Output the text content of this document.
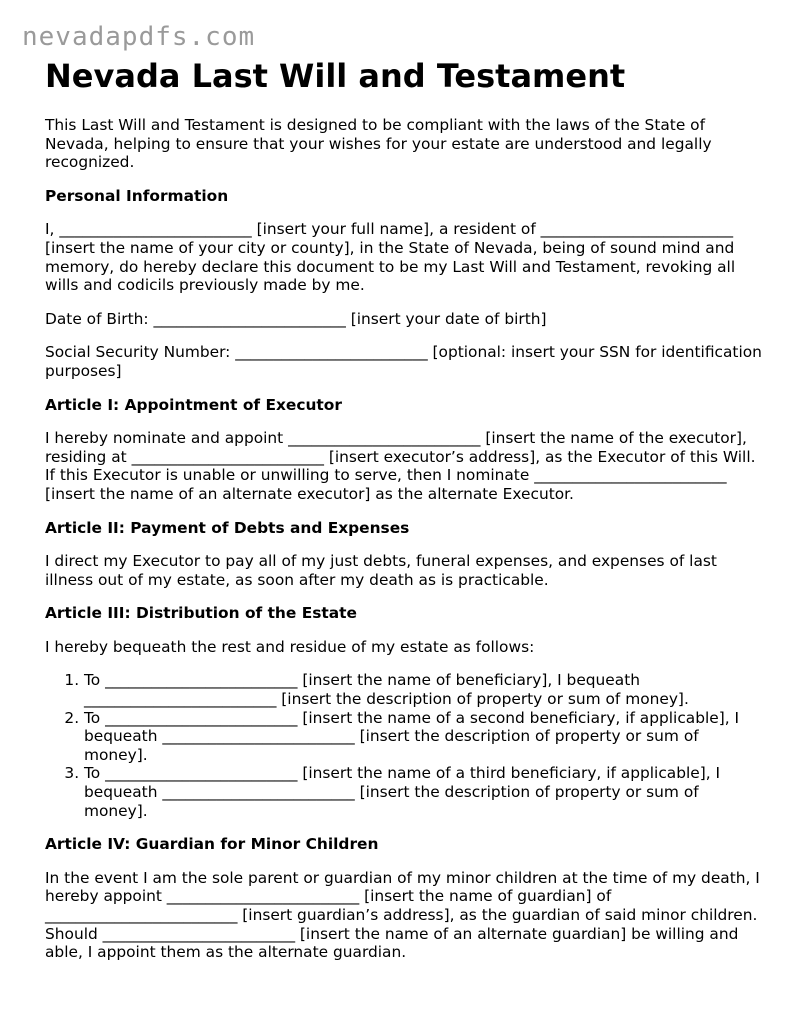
nevadapdfs.com
Nevada Last Will and Testament

This Last Will and Testament is designed to be compliant with the laws of the State of Nevada, helping to ensure that your wishes for your estate are understood and legally recognized.

Personal Information

I, _________________________ [insert your full name], a resident of _________________________ [insert the name of your city or county], in the State of Nevada, being of sound mind and memory, do hereby declare this document to be my Last Will and Testament, revoking all wills and codicils previously made by me.

Date of Birth: _________________________ [insert your date of birth]

Social Security Number: _________________________ [optional: insert your SSN for identification purposes]

Article I: Appointment of Executor

I hereby nominate and appoint _________________________ [insert the name of the executor], residing at _________________________ [insert executor’s address], as the Executor of this Will. If this Executor is unable or unwilling to serve, then I nominate _________________________ [insert the name of an alternate executor] as the alternate Executor.

Article II: Payment of Debts and Expenses

I direct my Executor to pay all of my just debts, funeral expenses, and expenses of last illness out of my estate, as soon after my death as is practicable.

Article III: Distribution of the Estate

I hereby bequeath the rest and residue of my estate as follows:

1. To _________________________ [insert the name of beneficiary], I bequeath _________________________ [insert the description of property or sum of money].
2. To _________________________ [insert the name of a second beneficiary, if applicable], I bequeath _________________________ [insert the description of property or sum of money].
3. To _________________________ [insert the name of a third beneficiary, if applicable], I bequeath _________________________ [insert the description of property or sum of money].
Article IV: Guardian for Minor Children

In the event I am the sole parent or guardian of my minor children at the time of my death, I hereby appoint _________________________ [insert the name of guardian] of _________________________ [insert guardian’s address], as the guardian of said minor children. Should _________________________ [insert the name of an alternate guardian] be willing and able, I appoint them as the alternate guardian.
